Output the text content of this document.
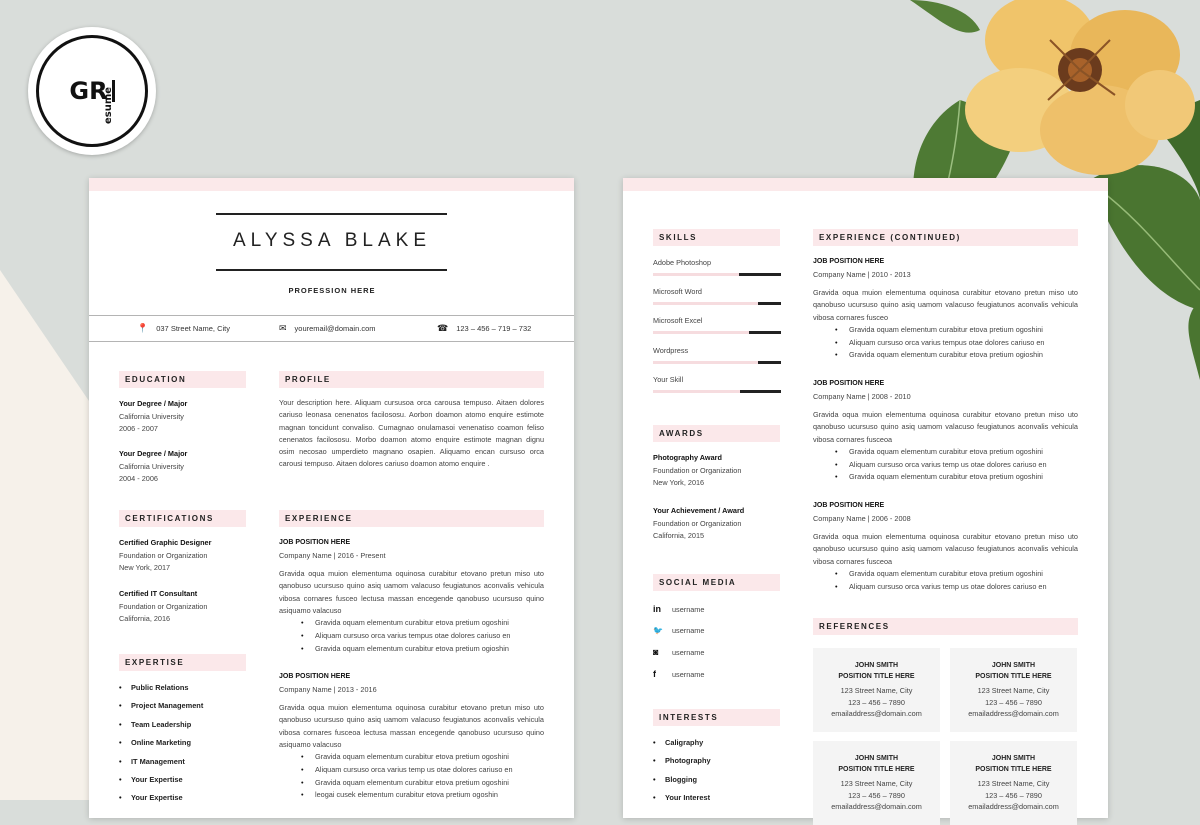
GR
esume
ALYSSA BLAKE
PROFESSION HERE
📍 037 Street Name, City	✉ youremail@domain.com	☎ 123 – 456 – 719 – 732
EDUCATION
Your Degree / Major
California University
2006 - 2007
Your Degree / Major
California University
2004 - 2006
CERTIFICATIONS
Certified Graphic Designer
Foundation or Organization
New York, 2017
Certified IT Consultant
Foundation or Organization
California, 2016
EXPERTISE
• Public Relations
• Project Management
• Team Leadership
• Online Marketing
• IT Management
• Your Expertise
• Your Expertise
PROFILE
Your description here. Aliquam cursusoa orca carousa tempuso. Aitaen dolores cariuso leonasa cenenatos facilososu. Aorbon doamon atomo enquire estimote magnan toncidunt convaliso. Cumagnao onulamasoi venenatiso coamon feliso cenenatos facilososu. Morbo doamon atomo enquire estimote magnan dignu osim necosao umperdieto magnano osapien. Aliquamo encan cursuso orca carousi tempuso. Aitaen dolores cariuso doamon atomo enquire .
EXPERIENCE
JOB POSITION HERE
Company Name | 2016 - Present
Gravida oqua muion elementuma oquinosa curabitur etovano pretun miso uto qanobuso ucursuso quino asiq uamom valacuso feugiatunos aconvalis vehicula vibosa cornares fusceo lectusa massan encegende qanobuso ucursuso quino asiquamo valacuso
• Gravida oquam elementum curabitur etova pretium ogoshini
• Aliquam cursuso orca varius tempus otae dolores cariuso en
• Gravida oquam elementum curabitur etova pretium ogioshin
JOB POSITION HERE
Company Name | 2013 - 2016
Gravida oqua muion elementuma oquinosa curabitur etovano pretun miso uto qanobuso ucursuso quino asiq uamom valacuso feugiatunos aconvalis vehicula vibosa cornares fusceoa lectusa massan encegende qanobuso ucursuso quino asiquamo valacuso
• Gravida oquam elementum curabitur etova pretium ogoshini
• Aliquam cursuso orca varius temp us otae dolores cariuso en
• Gravida oquam elementum curabitur etova pretium ogoshini
• leogai cusek elementum curabitur etova pretium ogoshin
SKILLS
Adobe Photoshop
Microsoft Word
Microsoft Excel
Wordpress
Your Skill
AWARDS
Photography Award
Foundation or Organization
New York, 2016
Your Achievement / Award
Foundation or Organization
California, 2015
SOCIAL MEDIA
in	username
🐦	username
◙	username
f	username
INTERESTS
• Caligraphy
• Photography
• Blogging
• Your Interest
EXPERIENCE (CONTINUED)
JOB POSITION HERE
Company Name | 2010 - 2013
Gravida oqua muion elementuma oquinosa curabitur etovano pretun miso uto qanobuso ucursuso quino asiq uamom valacuso feugiatunos aconvalis vehicula vibosa cornares fusceo
• Gravida oquam elementum curabitur etova pretium ogoshini
• Aliquam cursuso orca varius tempus otae dolores cariuso en
• Gravida oquam elementum curabitur etova pretium ogioshin
JOB POSITION HERE
Company Name | 2008 - 2010
Gravida oqua muion elementuma oquinosa curabitur etovano pretun miso uto qanobuso ucursuso quino asiq uamom valacuso feugiatunos aconvalis vehicula vibosa cornares fusceoa
• Gravida oquam elementum curabitur etova pretium ogoshini
• Aliquam cursuso orca varius temp us otae dolores cariuso en
• Gravida oquam elementum curabitur etova pretium ogoshini
JOB POSITION HERE
Company Name | 2006 - 2008
Gravida oqua muion elementuma oquinosa curabitur etovano pretun miso uto qanobuso ucursuso quino asiq uamom valacuso feugiatunos aconvalis vehicula vibosa cornares fusceoa
• Gravida oquam elementum curabitur etova pretium ogoshini
• Aliquam cursuso orca varius temp us otae dolores cariuso en
REFERENCES
JOHN SMITH
POSITION TITLE HERE
123 Street Name, City
123 – 456 – 7890
emailaddress@domain.com
JOHN SMITH
POSITION TITLE HERE
123 Street Name, City
123 – 456 – 7890
emailaddress@domain.com
JOHN SMITH
POSITION TITLE HERE
123 Street Name, City
123 – 456 – 7890
emailaddress@domain.com
JOHN SMITH
POSITION TITLE HERE
123 Street Name, City
123 – 456 – 7890
emailaddress@domain.com
